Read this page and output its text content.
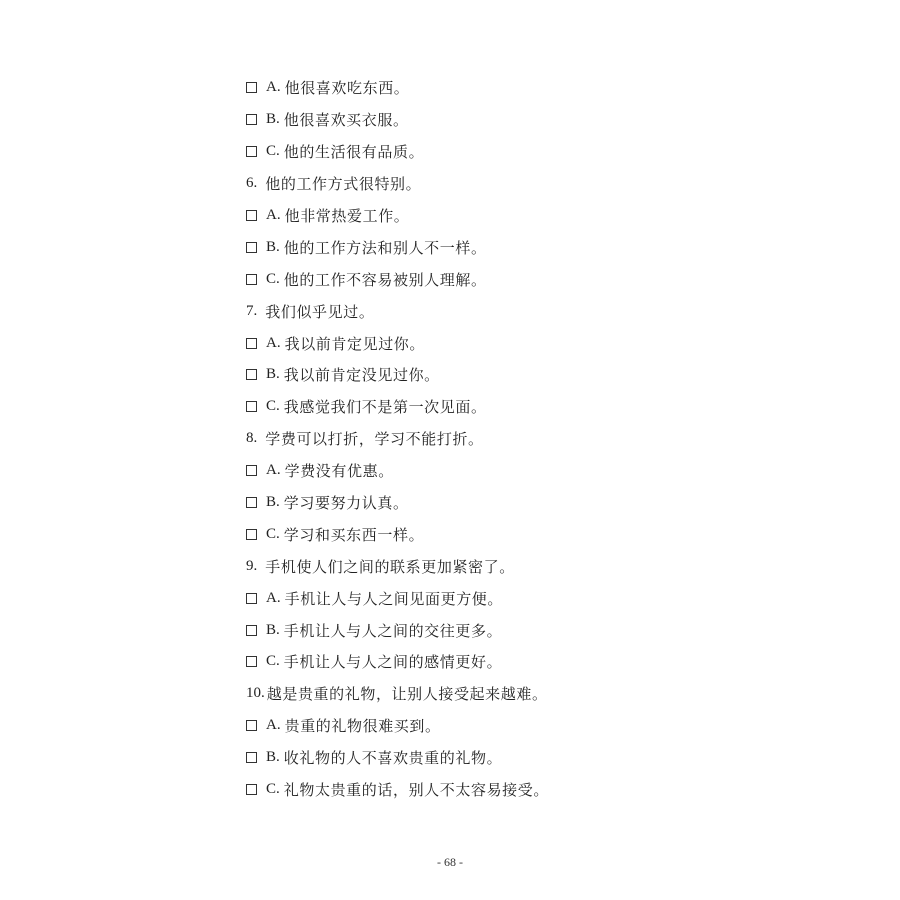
A. 他很喜欢吃东西。
B. 他很喜欢买衣服。
C. 他的生活很有品质。
6. 他的工作方式很特别。
A. 他非常热爱工作。
B. 他的工作方法和别人不一样。
C. 他的工作不容易被别人理解。
7. 我们似乎见过。
A. 我以前肯定见过你。
B. 我以前肯定没见过你。
C. 我感觉我们不是第一次见面。
8. 学费可以打折，学习不能打折。
A. 学费没有优惠。
B. 学习要努力认真。
C. 学习和买东西一样。
9. 手机使人们之间的联系更加紧密了。
A. 手机让人与人之间见面更方便。
B. 手机让人与人之间的交往更多。
C. 手机让人与人之间的感情更好。
10. 越是贵重的礼物，让别人接受起来越难。
A. 贵重的礼物很难买到。
B. 收礼物的人不喜欢贵重的礼物。
C. 礼物太贵重的话，别人不太容易接受。
- 68 -
